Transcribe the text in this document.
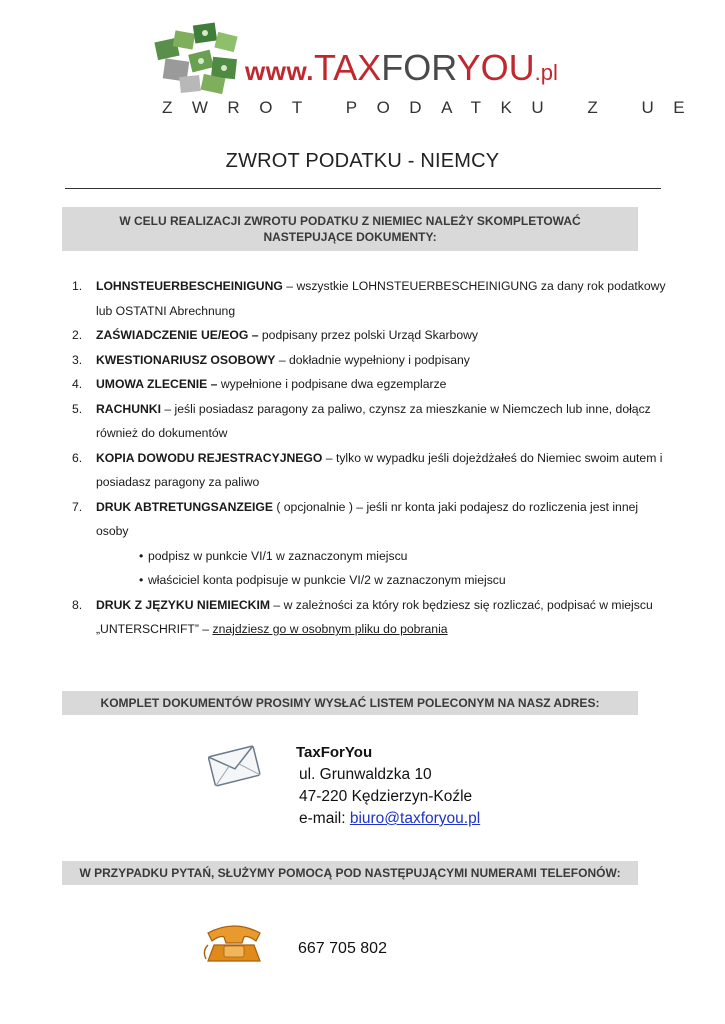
www.TAXFORYOU.pl
ZWROT PODATKU Z UE
ZWROT PODATKU - NIEMCY
W CELU REALIZACJI ZWROTU PODATKU Z NIEMIEC NALEŻY SKOMPLETOWAĆ NASTEPUJĄCE DOKUMENTY:
1. LOHNSTEUERBESCHEINIGUNG – wszystkie LOHNSTEUERBESCHEINIGUNG za dany rok podatkowy lub OSTATNI Abrechnung
2. ZAŚWIADCZENIE UE/EOG – podpisany przez polski Urząd Skarbowy
3. KWESTIONARIUSZ OSOBOWY – dokładnie wypełniony i podpisany
4. UMOWA ZLECENIE – wypełnione i podpisane dwa egzemplarze
5. RACHUNKI – jeśli posiadasz paragony za paliwo, czynsz za mieszkanie w Niemczech lub inne, dołącz również do dokumentów
6. KOPIA DOWODU REJESTRACYJNEGO – tylko w wypadku jeśli dojeżdżałeś do Niemiec swoim autem i posiadasz paragony za paliwo
7. DRUK ABTRETUNGSANZEIGE ( opcjonalnie ) – jeśli nr konta jaki podajesz do rozliczenia jest innej osoby
• podpisz w punkcie VI/1 w zaznaczonym miejscu
• właściciel konta podpisuje w punkcie VI/2 w zaznaczonym miejscu
8. DRUK Z JĘZYKU NIEMIECKIM – w zależności za który rok będziesz się rozliczać, podpisać w miejscu „UNTERSCHRIFT” – znajdziesz go w osobnym pliku do pobrania
KOMPLET DOKUMENTÓW PROSIMY WYSŁAĆ LISTEM POLECONYM NA NASZ ADRES:
TaxForYou
ul. Grunwaldzka 10
47-220 Kędzierzyn-Koźle
e-mail: biuro@taxforyou.pl
W PRZYPADKU PYTAŃ, SŁUŻYMY POMOCĄ POD NASTĘPUJĄCYMI NUMERAMI TELEFONÓW:
667 705 802
